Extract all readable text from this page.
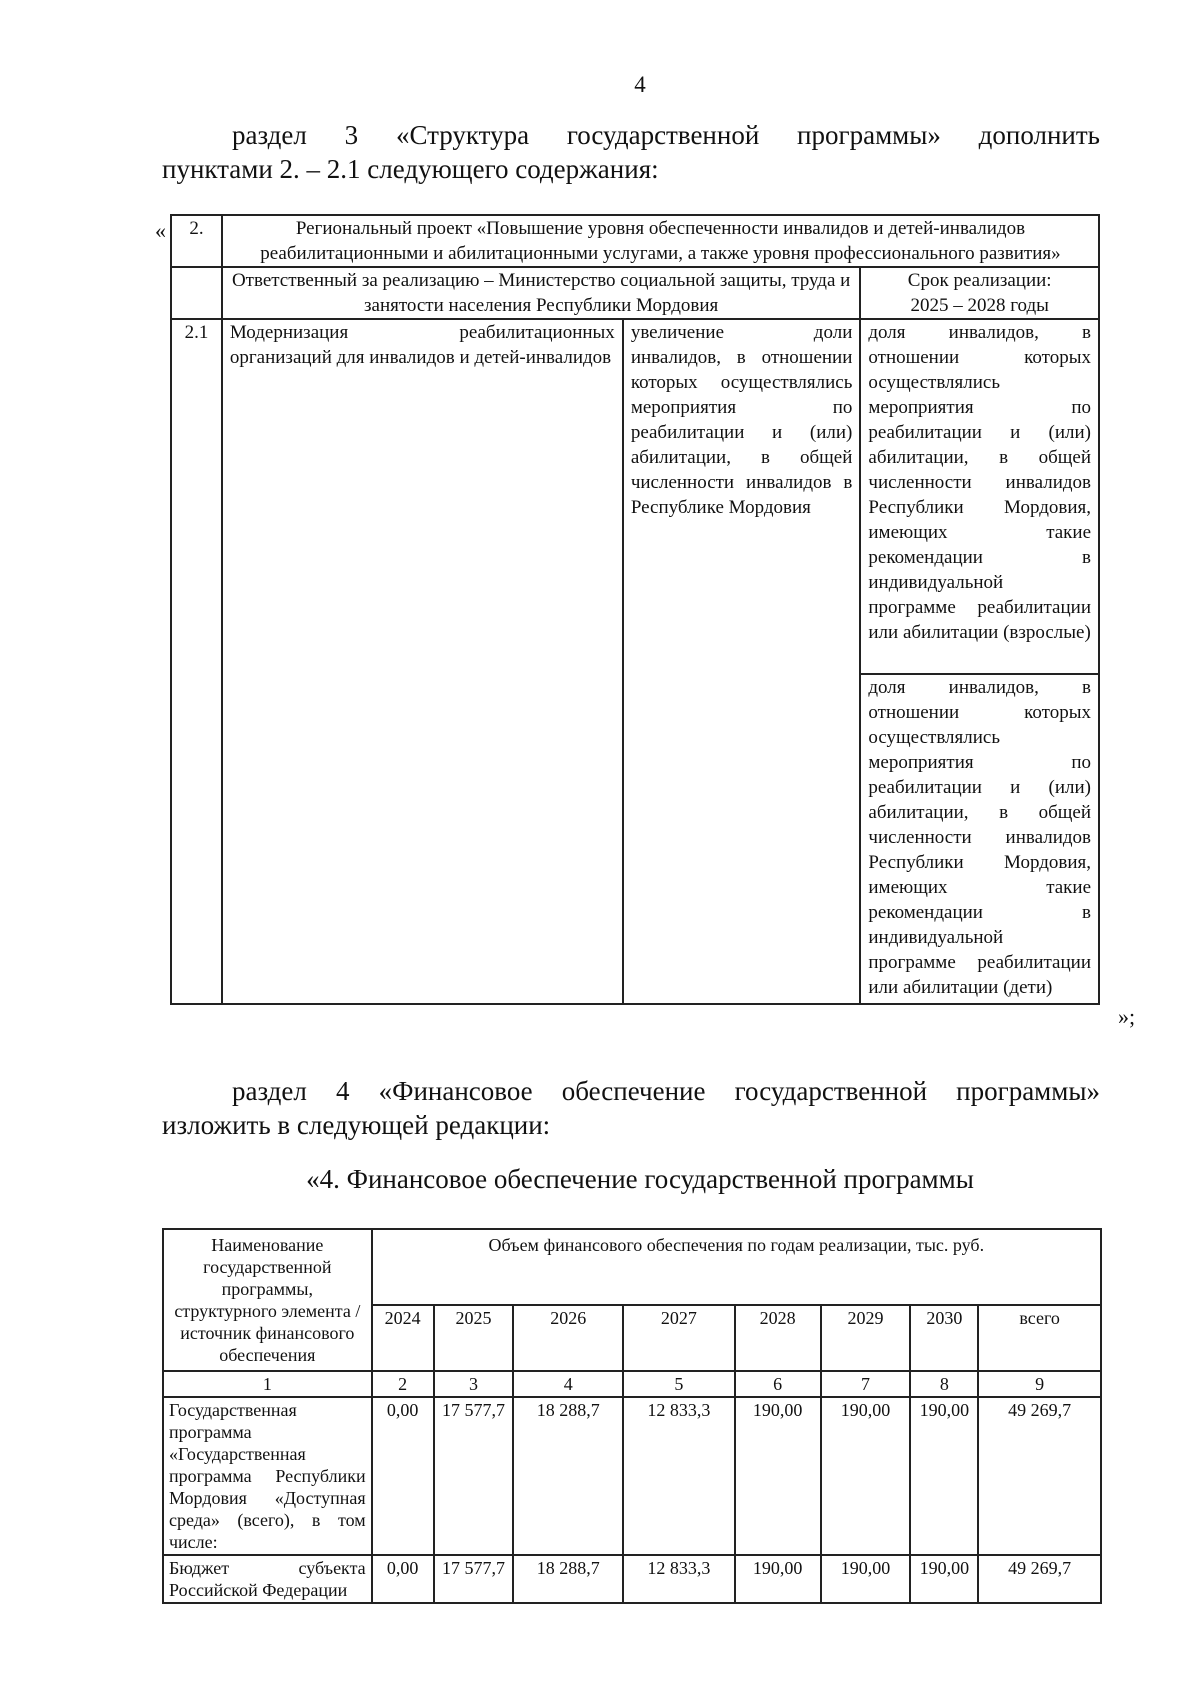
4
раздел 3 «Структура государственной программы» дополнить
пунктами 2. – 2.1 следующего содержания:
« 2.	Региональный проект «Повышение уровня обеспеченности инвалидов и детей-инвалидов реабилитационными и абилитационными услугами, а также уровня профессионального развития»		
	Ответственный за реализацию – Министерство социальной защиты, труда и занятости населения Республики Мордовия		Срок реализации:
2025 – 2028 годы

2.1	Модернизация реабилитационных организаций для инвалидов и детей-инвалидов	увеличение доли инвалидов, в отношении которых осуществлялись мероприятия по реабилитации и (или) абилитации, в общей численности инвалидов в Республике Мордовия	доля инвалидов, в отношении которых осуществлялись мероприятия по реабилитации и (или) абилитации, в общей численности инвалидов Республики Мордовия, имеющих такие рекомендации в индивидуальной программе реабилитации или абилитации (взрослые)
			доля инвалидов, в отношении которых осуществлялись мероприятия по реабилитации и (или) абилитации, в общей численности инвалидов Республики Мордовия, имеющих такие рекомендации в индивидуальной программе реабилитации или абилитации (дети)
»;
раздел 4 «Финансовое обеспечение государственной программы»
изложить в следующей редакции:
«4. Финансовое обеспечение государственной программы
Наименование государственной программы, структурного элемента / источник финансового обеспечения	Объем финансового обеспечения по годам реализации, тыс. руб.							
	2024	2025	2026	2027	2028	2029	2030	всего
1	2	3	4	5	6	7	8	9
Государственная программа «Государственная программа Республики Мордовия «Доступная среда» (всего), в том числе:	0,00	17 577,7	18 288,7	12 833,3	190,00	190,00	190,00	49 269,7
Бюджет субъекта Российской Федерации	0,00	17 577,7	18 288,7	12 833,3	190,00	190,00	190,00	49 269,7
